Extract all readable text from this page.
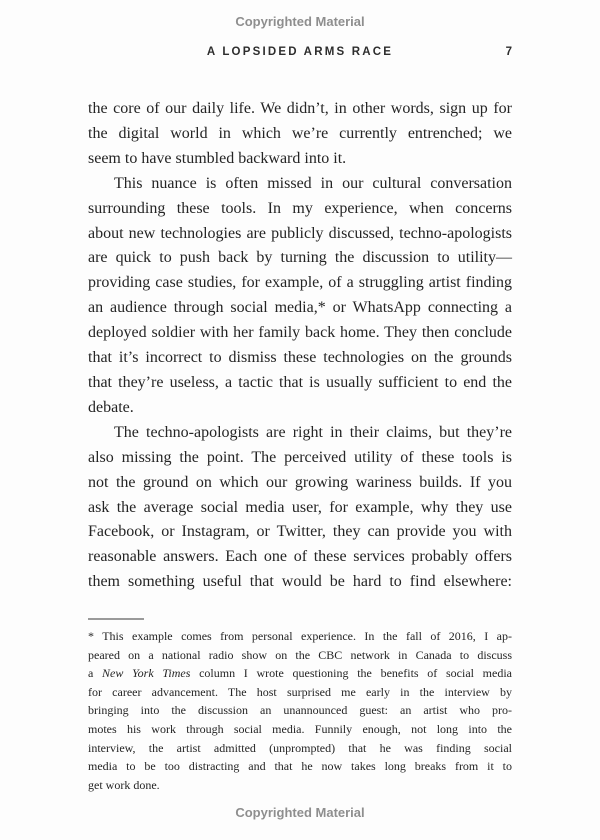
Copyrighted Material
A LOPSIDED ARMS RACE	7
the core of our daily life. We didn’t, in other words, sign up for
the digital world in which we’re currently entrenched; we
seem to have stumbled backward into it.
This nuance is often missed in our cultural conversation
surrounding these tools. In my experience, when concerns
about new technologies are publicly discussed, techno-apologists
are quick to push back by turning the discussion to utility—
providing case studies, for example, of a struggling artist finding
an audience through social media,* or WhatsApp connecting a
deployed soldier with her family back home. They then conclude
that it’s incorrect to dismiss these technologies on the grounds
that they’re useless, a tactic that is usually sufficient to end the
debate.
The techno-apologists are right in their claims, but they’re
also missing the point. The perceived utility of these tools is
not the ground on which our growing wariness builds. If you
ask the average social media user, for example, why they use
Facebook, or Instagram, or Twitter, they can provide you with
reasonable answers. Each one of these services probably offers
them something useful that would be hard to find elsewhere:
* This example comes from personal experience. In the fall of 2016, I ap-
peared on a national radio show on the CBC network in Canada to discuss
a New York Times column I wrote questioning the benefits of social media
for career advancement. The host surprised me early in the interview by
bringing into the discussion an unannounced guest: an artist who pro-
motes his work through social media. Funnily enough, not long into the
interview, the artist admitted (unprompted) that he was finding social
media to be too distracting and that he now takes long breaks from it to
get work done.
Copyrighted Material
